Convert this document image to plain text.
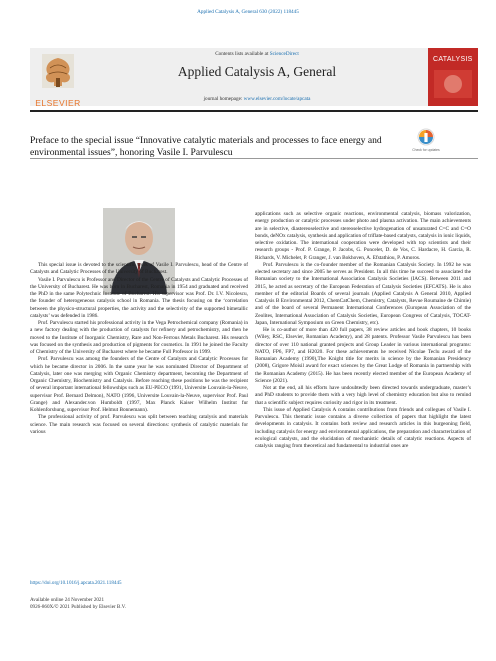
Applied Catalysis A, General 630 (2022) 118445
ELSEVIER
Contents lists available at ScienceDirect
Applied Catalysis A, General
journal homepage: www.elsevier.com/locate/apcata
CATALYSIS
Preface to the special issue “Innovative catalytic materials and processes to face energy and environmental issues”, honoring Vasile I. Parvulescu	Check for updates

This special issue is devoted to the scientific work of Vasile I. Parvulescu, head of the Centre of Catalysts and Catalytic Processes of the University of Bucharest.

Vasile I. Parvulescu is Professor and Director of the Centre of Catalysts and Catalytic Processes of the University of Bucharest. He was born in Bucharest, Romania in 1954 and graduated and received the PhD in the same Polytechnic Institute of Bucharest. His supervisor was Prof. Dr. I.V. Nicolescu, the founder of heterogeneous catalysis school in Romania. The thesis focusing on the ‘correlation between the physico-structural properties, the activity and the selectivity of the supported bimetallic catalysts’ was defended in 1986.

Prof. Parvulescu started his professional activity in the Vega Petrochemical company (Romania) in a new factory dealing with the production of catalysts for refinery and petrochemistry, and then he moved to the Institute of Inorganic Chemistry, Rare and Non-Ferrous Metals Bucharest. His research was focused on the synthesis and production of pigments for cosmetics. In 1991 he joined the Faculty of Chemistry of the University of Bucharest where he became Full Professor in 1999.

Prof. Parvulescu was among the founders of the Centre of Catalysts and Catalytic Processes for which he became director in 2006. In the same year he was nominated Director of Department of Catalysis, later one was merging with Organic Chemistry department, becoming the Department of Organic Chemistry, Biochemistry and Catalysis. Before reaching these positions he was the recipient of several important international fellowships such as EU-PECO (1991, Universite Louvain-la-Neuve, supervisor Prof. Bernard Delmon), NATO (1996, Universite Louvain-la-Neuve, supervisor Prof. Paul Grange) and Alexander.von Humboldt (1997, Max Planck Kaiser Wilhelm Institut fur Kohlenforshung, supervisor Prof. Helmut Bonnemann).

The professional activity of prof. Parvulescu was split between teaching catalysis and materials science. The main research was focused on several directions: synthesis of catalytic materials for various

applications such as selective organic reactions, environmental catalysis, biomass valorization, energy production or catalytic processes under photo and plasma activation. The main achievements are in selective, diastereoselective and stereoselective hydrogenation of unsaturated C=C and C=O bonds, deNOx catalysis, synthesis and application of triflate-based catalysts, catalysis in ionic liquids, selective oxidation. The international cooperation were developed with top scientists and their research groups - Prof. P. Grange, P. Jacobs, G. Poncelet, D. de Vos, C. Hardacre, H. Garcia, R. Richards, V. Michelet, P. Granger, J. van Bokhoven, A. Efstathiou, P. Amoros.

Prof. Parvulescu is the co-founder member of the Romanian Catalysis Society. In 1992 he was elected secretary and since 2005 he serves as President. In all this time he succeed to associated the Romanian society to the International Association Catalysis Societies (IACS). Between 2011 and 2015, he acted as secretary of the European Federation of Catalysis Societies (EFCATS). He is also member of the editorial Boards of several journals (Applied Catalysis A General 2010, Applied Catalysis B Environmental 2012, ChemCatChem, Chemistry, Catalysts, Revue Roumaine de Chimie) and of the board of several Permanent International Conferences (European Association of the Zeolites, International Association of Catalysis Societies, European Congress of Catalysis, TOCAT-Japan, International Symposium on Green Chemistry, etc).

He is co-author of more than 420 full papers, 38 review articles and book chapters, 10 books (Wiley, RSC, Elsevier, Romanian Academy), and 28 patents. Professor Vasile Parvulescu has been director of over 110 national granted projects and Group Leader in various international programs: NATO, FP6, FP7, and H2020. For these achievements he received Nicolae Teclu award of the Romanian Academy (1990),The Knight title for merits in science by the Romanian Presidency (2008), Grigore Moisil award for exact sciences by the Great Lodge of Romania in partnership with the Romanian Academy (2015). He has been recently elected member of the European Academy of Science (2021).

Not at the end, all his efforts have undoubtedly been directed towards undergraduate, master’s and PhD students to provide them with a very high level of chemistry education but also to remind that a scientific subject requires curiosity and rigor in its treatment.

This issue of Applied Catalysis A contains contributions from friends and collegues of Vasile I. Parvulescu. This thematic issue contains a diverse collection of papers that highlight the latest developments in catalysis. It contains both review and research articles in this burgeoning field, including catalysis for energy and environmental applications, the preparation and characterization of ecological catalysts, and the elucidation of mechanistic details of catalytic reactions. Aspects of catalysis ranging from theoretical and fundamental to industrial ones are

https://doi.org/10.1016/j.apcata.2021.118445
Available online 24 November 2021
0926-860X/© 2021 Published by Elsevier B.V.
